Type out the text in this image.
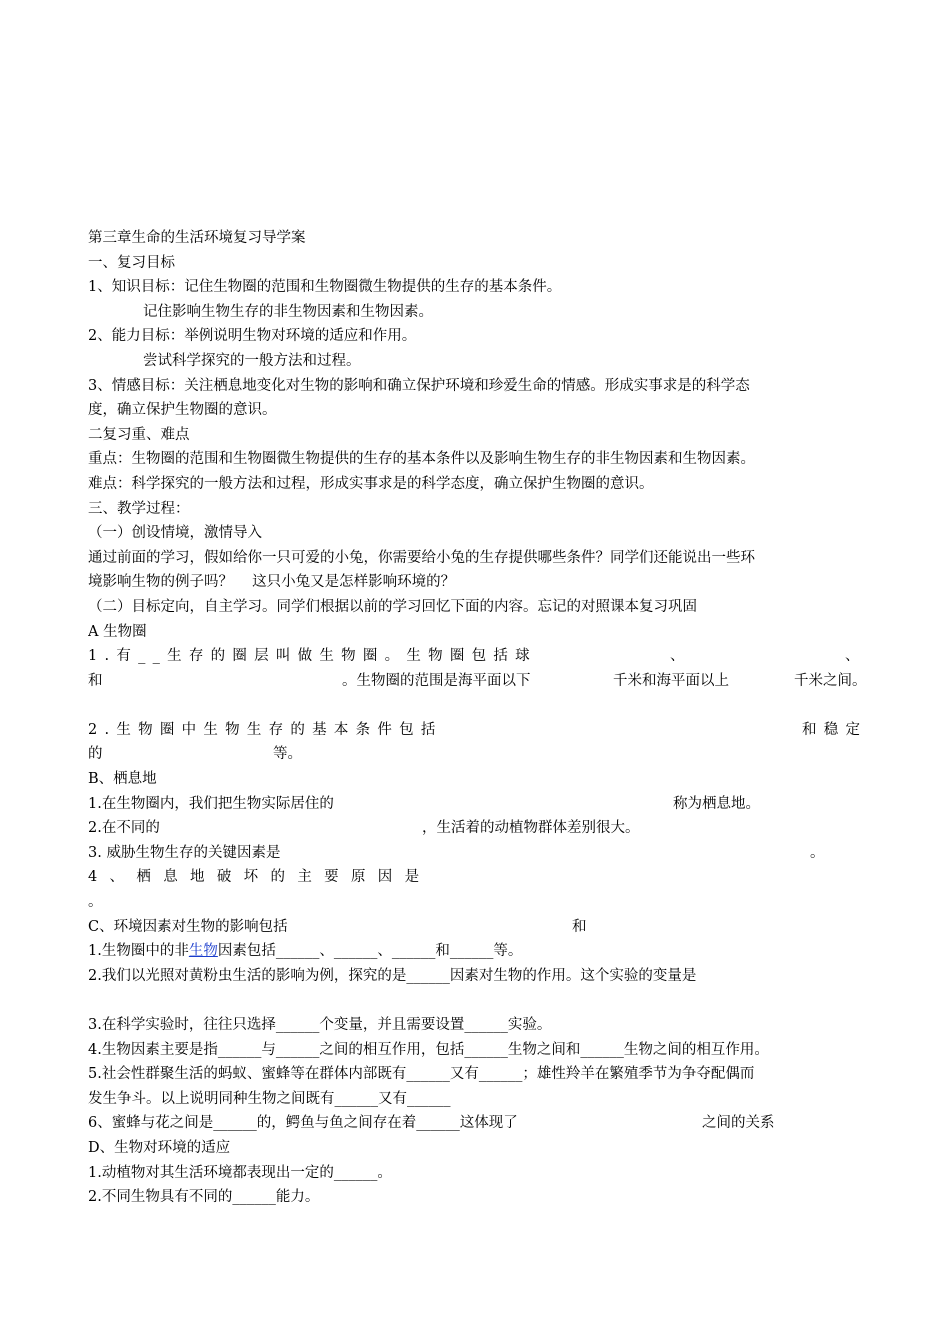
第三章生命的生活环境复习导学案

一、复习目标

1、知识目标：记住生物圈的范围和生物圈微生物提供的生存的基本条件。

记住影响生物生存的非生物因素和生物因素。

2、能力目标：举例说明生物对环境的适应和作用。

尝试科学探究的一般方法和过程。

3、情感目标：关注栖息地变化对生物的影响和确立保护环境和珍爱生命的情感。形成实事求是的科学态

度，确立保护生物圈的意识。

二复习重、难点

重点：生物圈的范围和生物圈微生物提供的生存的基本条件以及影响生物生存的非生物因素和生物因素。

难点：科学探究的一般方法和过程，形成实事求是的科学态度，确立保护生物圈的意识。

三、教学过程：

（一）创设情境，激情导入

通过前面的学习，假如给你一只可爱的小兔，你需要给小兔的生存提供哪些条件？同学们还能说出一些环

境影响生物的例子吗？　 这只小兔又是怎样影响环境的？

（二）目标定向，自主学习。同学们根据以前的学习回忆下面的内容。忘记的对照课本复习巩固

A 生物圈

1.有__生存的圈层叫做生物圈。生物圈包括球	、	、

和	。生物圈的范围是海平面以下	千米和海平面以上	千米之间。

2.生物圈中生物生存的基本条件包括	和稳定

的	等。

B、栖息地

1.在生物圈内，我们把生物实际居住的	称为栖息地。

2.在不同的	，生活着的动植物群体差别很大。

3. 威胁生物生存的关键因素是	。

4、栖息地破坏的主要原因是

。

C、环境因素对生物的影响包括	和

1.生物圈中的非生物因素包括______、______、______和______等。

2.我们以光照对黄粉虫生活的影响为例，探究的是______因素对生物的作用。这个实验的变量是

3.在科学实验时，往往只选择______个变量，并且需要设置______实验。

4.生物因素主要是指______与______之间的相互作用，包括______生物之间和______生物之间的相互作用。

5.社会性群聚生活的蚂蚁、蜜蜂等在群体内部既有______又有______；雄性羚羊在繁殖季节为争夺配偶而

发生争斗。以上说明同种生物之间既有______又有______

6、蜜蜂与花之间是______的，鳄鱼与鱼之间存在着______这体现了	之间的关系

D、生物对环境的适应

1.动植物对其生活环境都表现出一定的______。

2.不同生物具有不同的______能力。
